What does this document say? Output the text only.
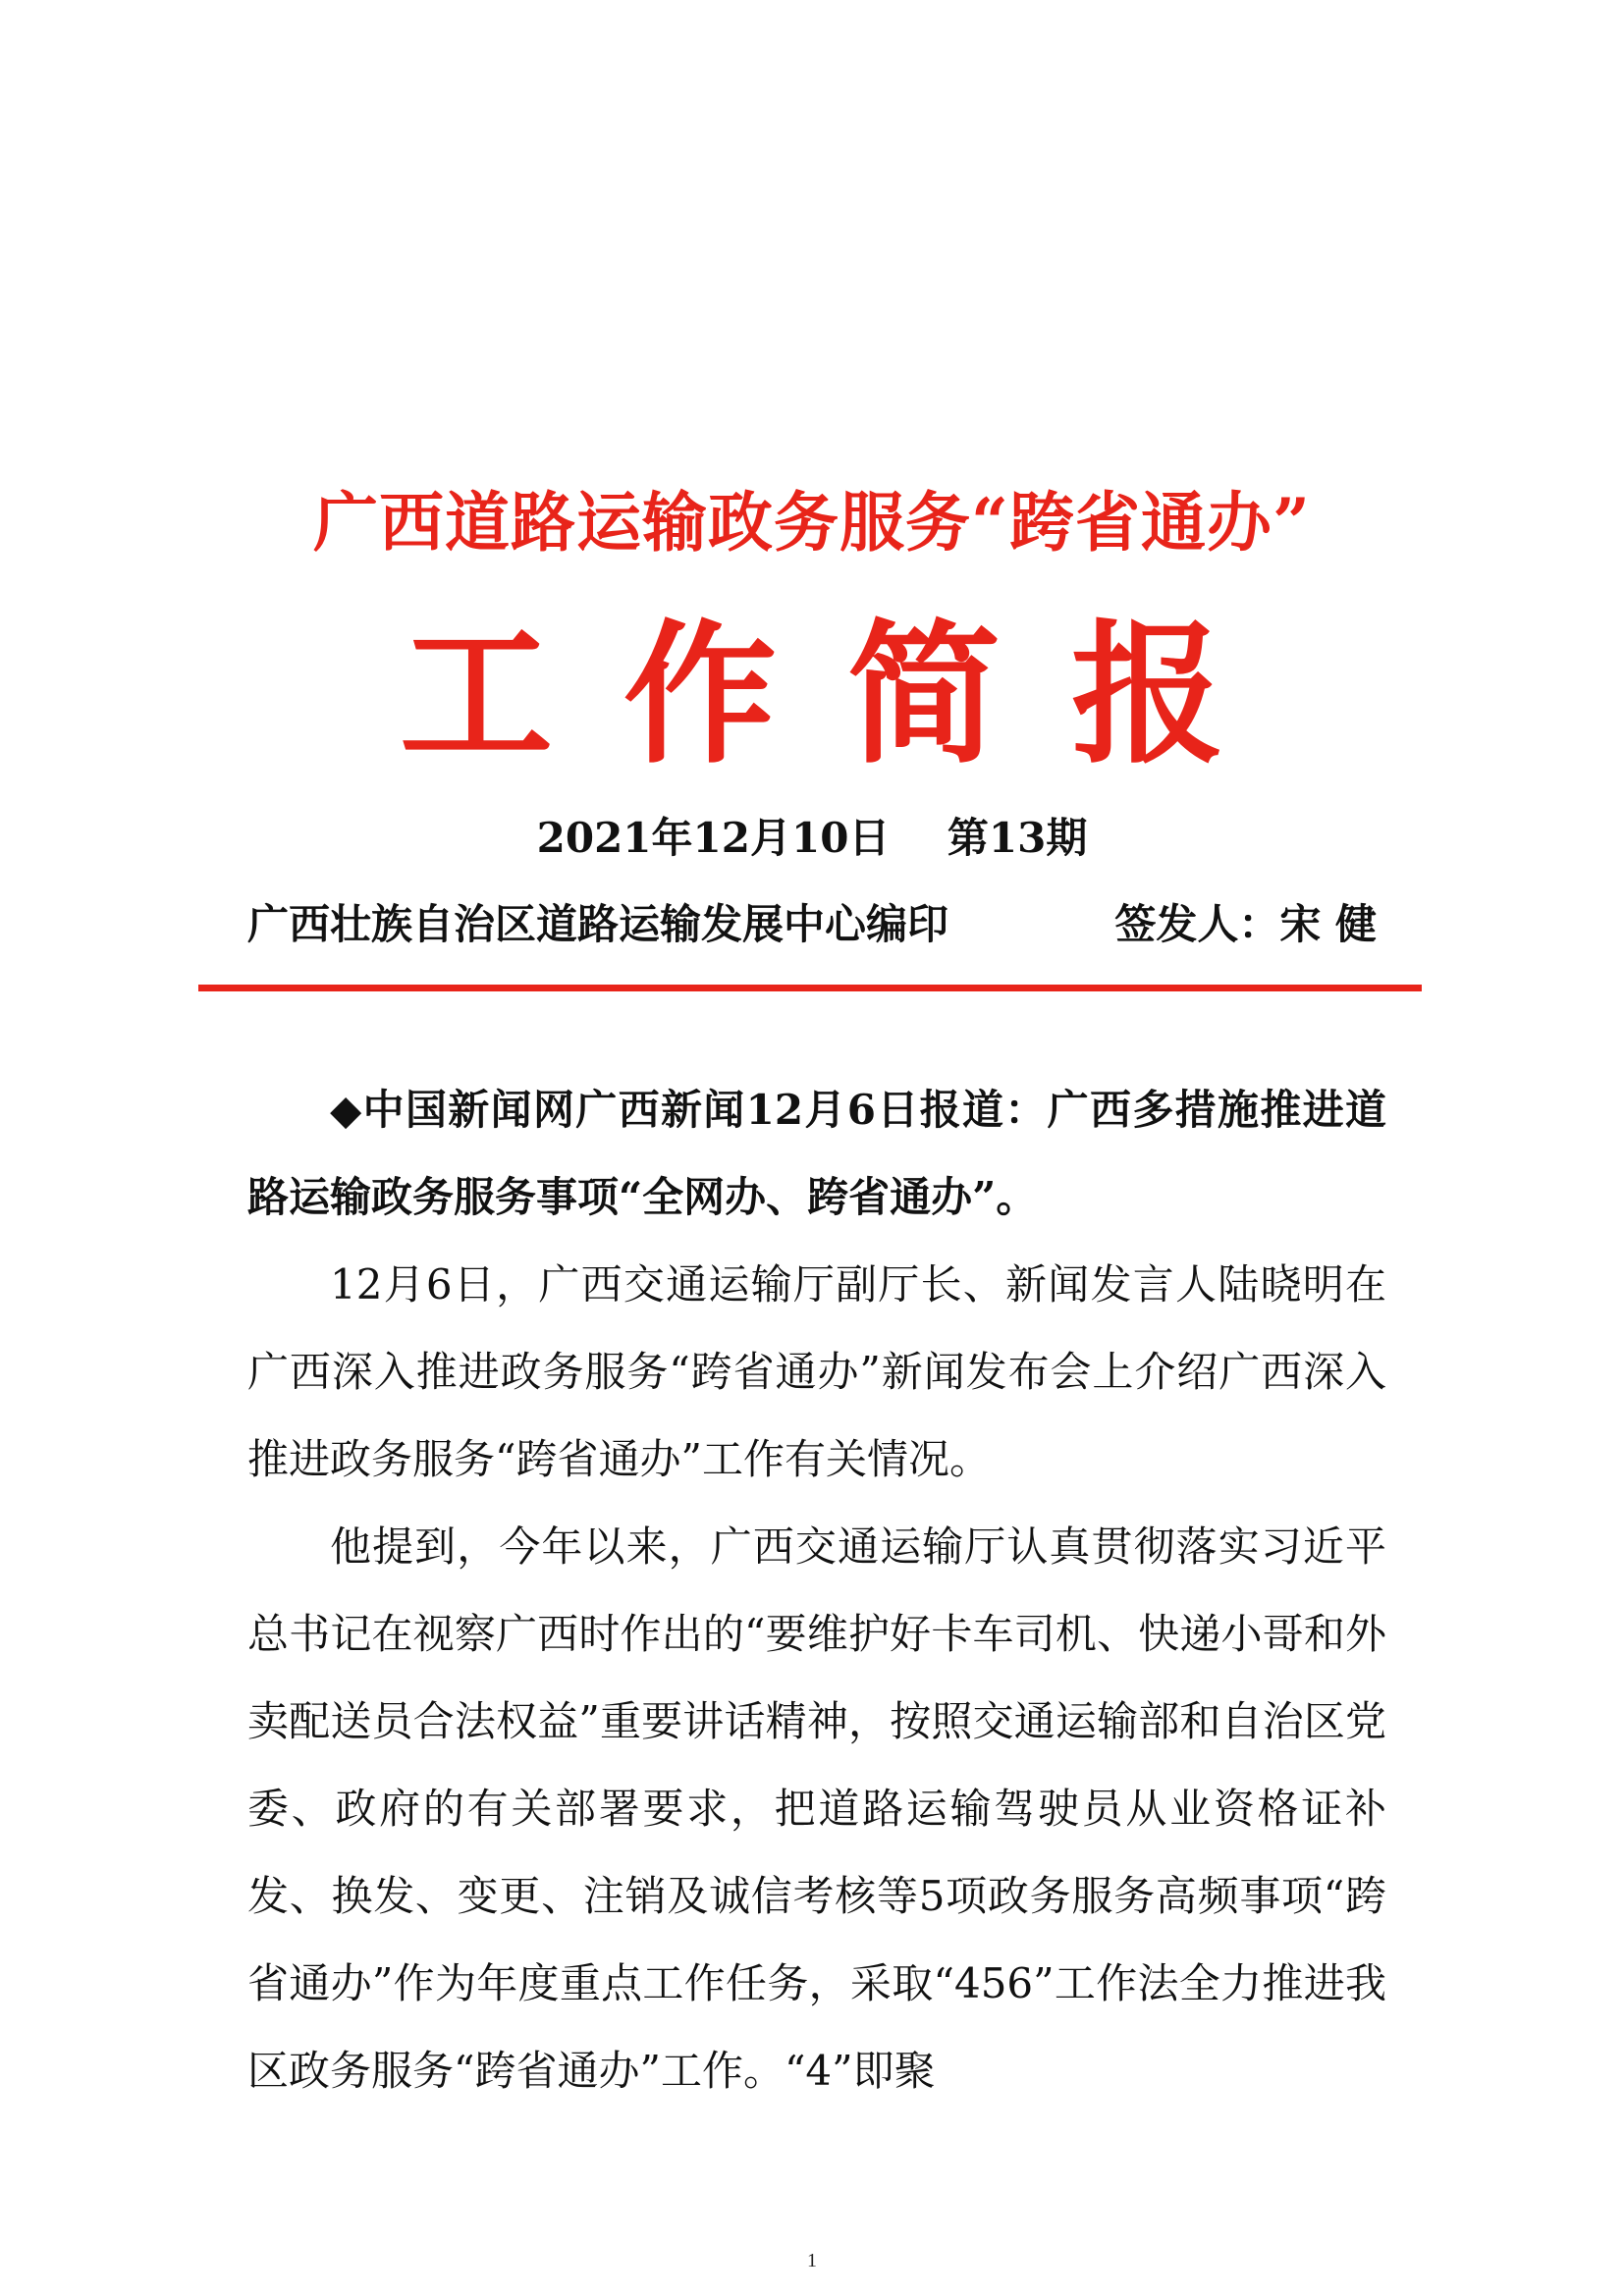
广西道路运输政务服务“跨省通办”
工作简报
2021年12月10日    第13期
广西壮族自治区道路运输发展中心编印	签发人：宋 健

◆中国新闻网广西新闻12月6日报道：广西多措施推进道路运输政务服务事项“全网办、跨省通办”。

12月6日，广西交通运输厅副厅长、新闻发言人陆晓明在广西深入推进政务服务“跨省通办”新闻发布会上介绍广西深入推进政务服务“跨省通办”工作有关情况。

他提到，今年以来，广西交通运输厅认真贯彻落实习近平总书记在视察广西时作出的“要维护好卡车司机、快递小哥和外卖配送员合法权益”重要讲话精神，按照交通运输部和自治区党委、政府的有关部署要求，把道路运输驾驶员从业资格证补发、换发、变更、注销及诚信考核等5项政务服务高频事项“跨省通办”作为年度重点工作任务，采取“456”工作法全力推进我区政务服务“跨省通办”工作。“4”即聚

1
